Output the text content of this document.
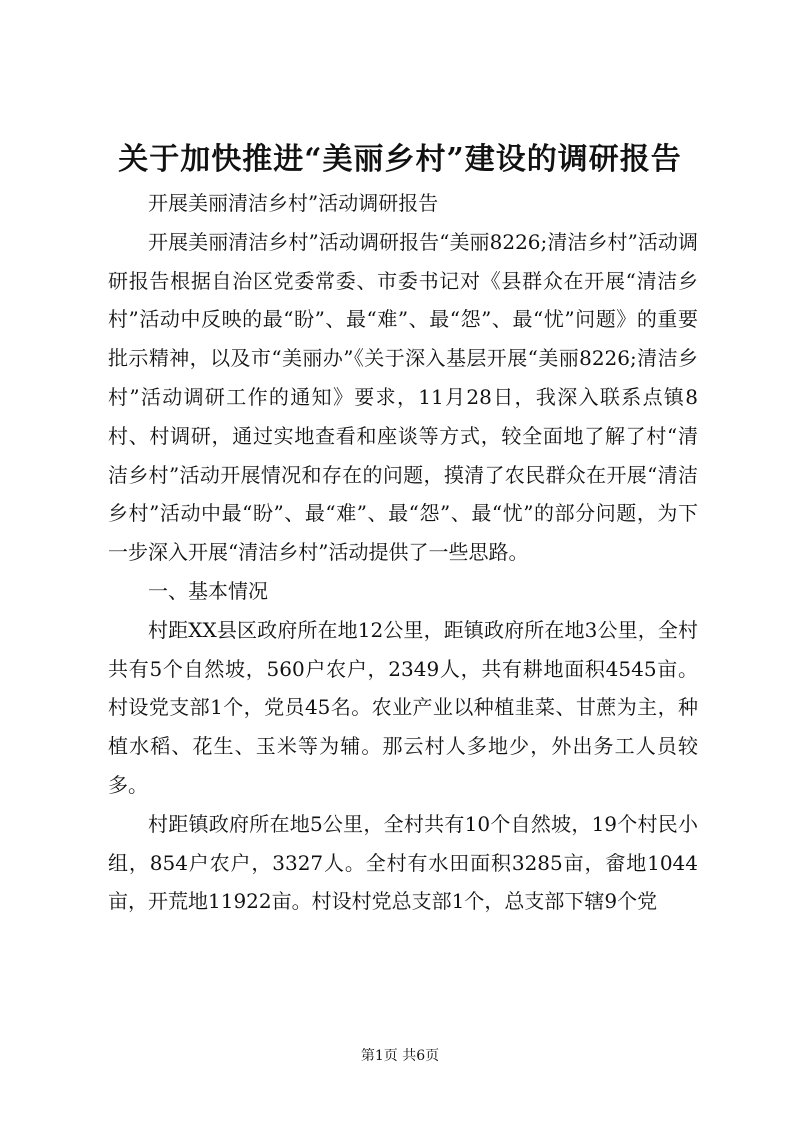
关于加快推进“美丽乡村”建设的调研报告

开展美丽清洁乡村”活动调研报告

开展美丽清洁乡村”活动调研报告“美丽8226;清洁乡村”活动调研报告根据自治区党委常委、市委书记对《县群众在开展“清洁乡村”活动中反映的最“盼”、最“难”、最“怨”、最“忧”问题》的重要批示精神，以及市“美丽办”《关于深入基层开展“美丽8226;清洁乡村”活动调研工作的通知》要求，11月28日，我深入联系点镇8村、村调研，通过实地查看和座谈等方式，较全面地了解了村“清洁乡村”活动开展情况和存在的问题，摸清了农民群众在开展“清洁乡村”活动中最“盼”、最“难”、最“怨”、最“忧”的部分问题，为下一步深入开展“清洁乡村”活动提供了一些思路。

一、基本情况

村距XX县区政府所在地12公里，距镇政府所在地3公里，全村共有5个自然坡，560户农户，2349人，共有耕地面积4545亩。村设党支部1个，党员45名。农业产业以种植韭菜、甘蔗为主，种植水稻、花生、玉米等为辅。那云村人多地少，外出务工人员较多。

村距镇政府所在地5公里，全村共有10个自然坡，19个村民小组，854户农户，3327人。全村有水田面积3285亩，畲地1044亩，开荒地11922亩。村设村党总支部1个，总支部下辖9个党

第1页 共6页
